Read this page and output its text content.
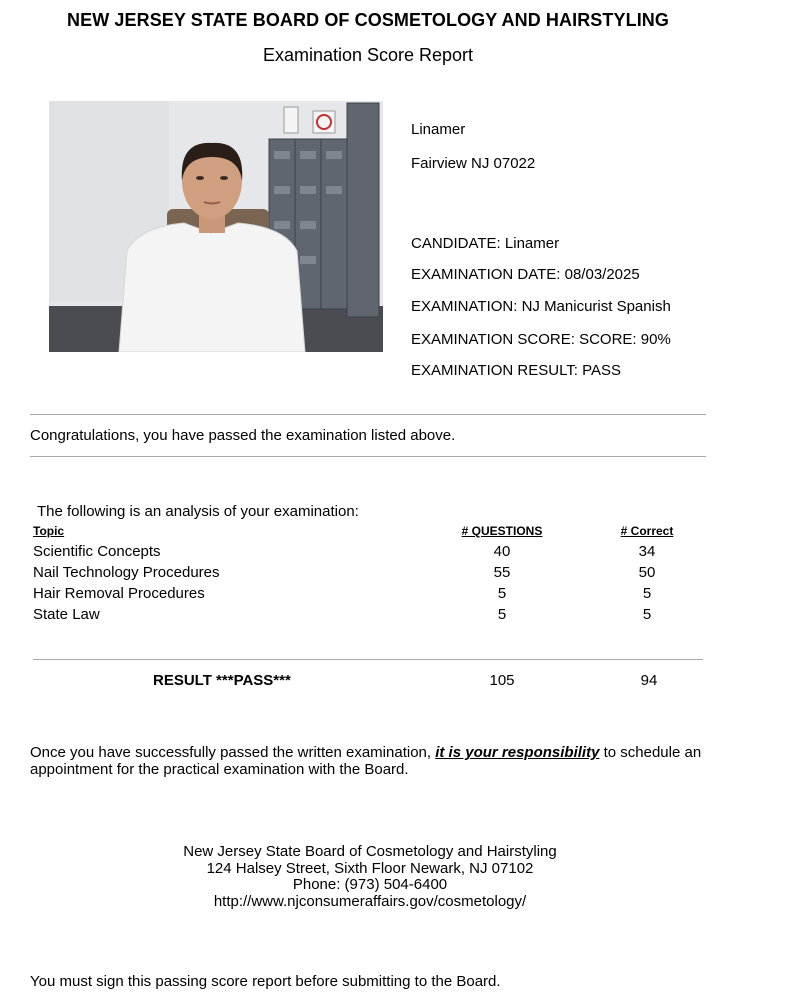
NEW JERSEY STATE BOARD OF COSMETOLOGY AND HAIRSTYLING
Examination Score Report
Linamer
Fairview NJ 07022
CANDIDATE: Linamer
EXAMINATION DATE: 08/03/2025
EXAMINATION: NJ Manicurist Spanish
EXAMINATION SCORE: SCORE: 90%
EXAMINATION RESULT: PASS
Congratulations, you have passed the examination listed above.
The following is an analysis of your examination:
Topic	# QUESTIONS	# Correct
Scientific Concepts	40	34
Nail Technology Procedures	55	50
Hair Removal Procedures	5	5
State Law	5	5
RESULT ***PASS***	105	94
Once you have successfully passed the written examination, it is your responsibility to schedule an appointment for the practical examination with the Board.
New Jersey State Board of Cosmetology and Hairstyling
124 Halsey Street, Sixth Floor Newark, NJ 07102
Phone: (973) 504-6400
http://www.njconsumeraffairs.gov/cosmetology/
You must sign this passing score report before submitting to the Board.
